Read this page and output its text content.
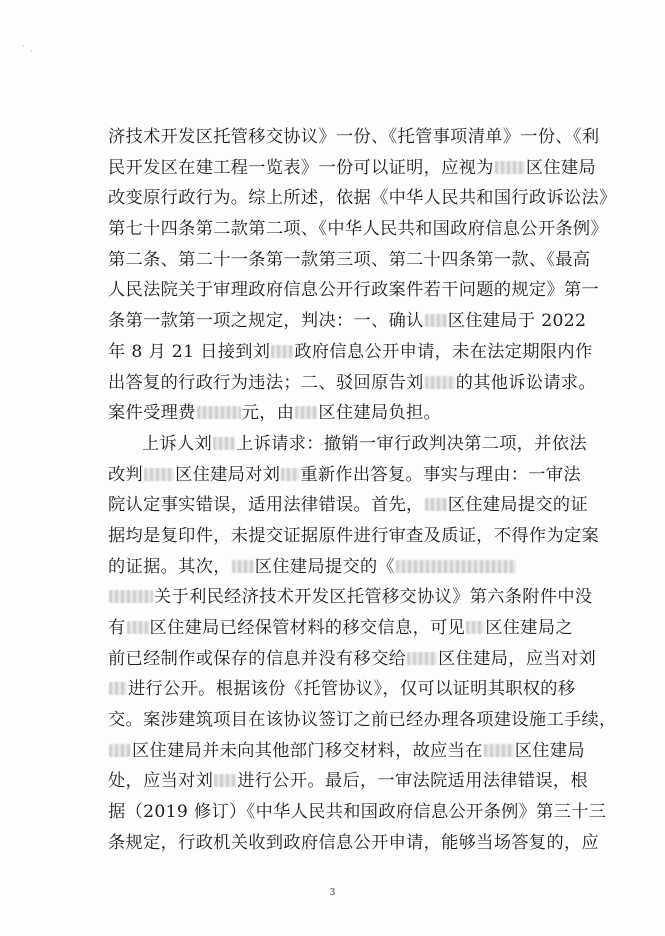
· ·
济技术开发区托管移交协议》一份、《托管事项清单》一份、《利
民开发区在建工程一览表》一份可以证明，应视为 区住建局
改变原行政行为。综上所述，依据《中华人民共和国行政诉讼法》
第七十四条第二款第二项、《中华人民共和国政府信息公开条例》
第二条、第二十一条第一款第三项、第二十四条第一款、《最高
人民法院关于审理政府信息公开行政案件若干问题的规定》第一
条第一款第一项之规定，判决：一、确认 区住建局于 2022
年 8 月 21 日接到刘 政府信息公开申请，未在法定期限内作
出答复的行政行为违法；二、驳回原告刘 的其他诉讼请求。
案件受理费	元，由 区住建局负担。
上诉人刘 上诉请求：撤销一审行政判决第二项，并依法
改判 区住建局对刘 重新作出答复。事实与理由：一审法
院认定事实错误，适用法律错误。首先， 区住建局提交的证
据均是复印件，未提交证据原件进行审查及质证，不得作为定案
的证据。其次， 区住建局提交的《
关于利民经济技术开发区托管移交协议》第六条附件中没
有 区住建局已经保管材料的移交信息，可见 区住建局之
前已经制作或保存的信息并没有移交给 区住建局，应当对刘
进行公开。根据该份《托管协议》，仅可以证明其职权的移
交。案涉建筑项目在该协议签订之前已经办理各项建设施工手续，
区住建局并未向其他部门移交材料，故应当在 区住建局
处，应当对刘 进行公开。最后，一审法院适用法律错误，根
据（2019 修订）《中华人民共和国政府信息公开条例》第三十三
条规定，行政机关收到政府信息公开申请，能够当场答复的，应
3
